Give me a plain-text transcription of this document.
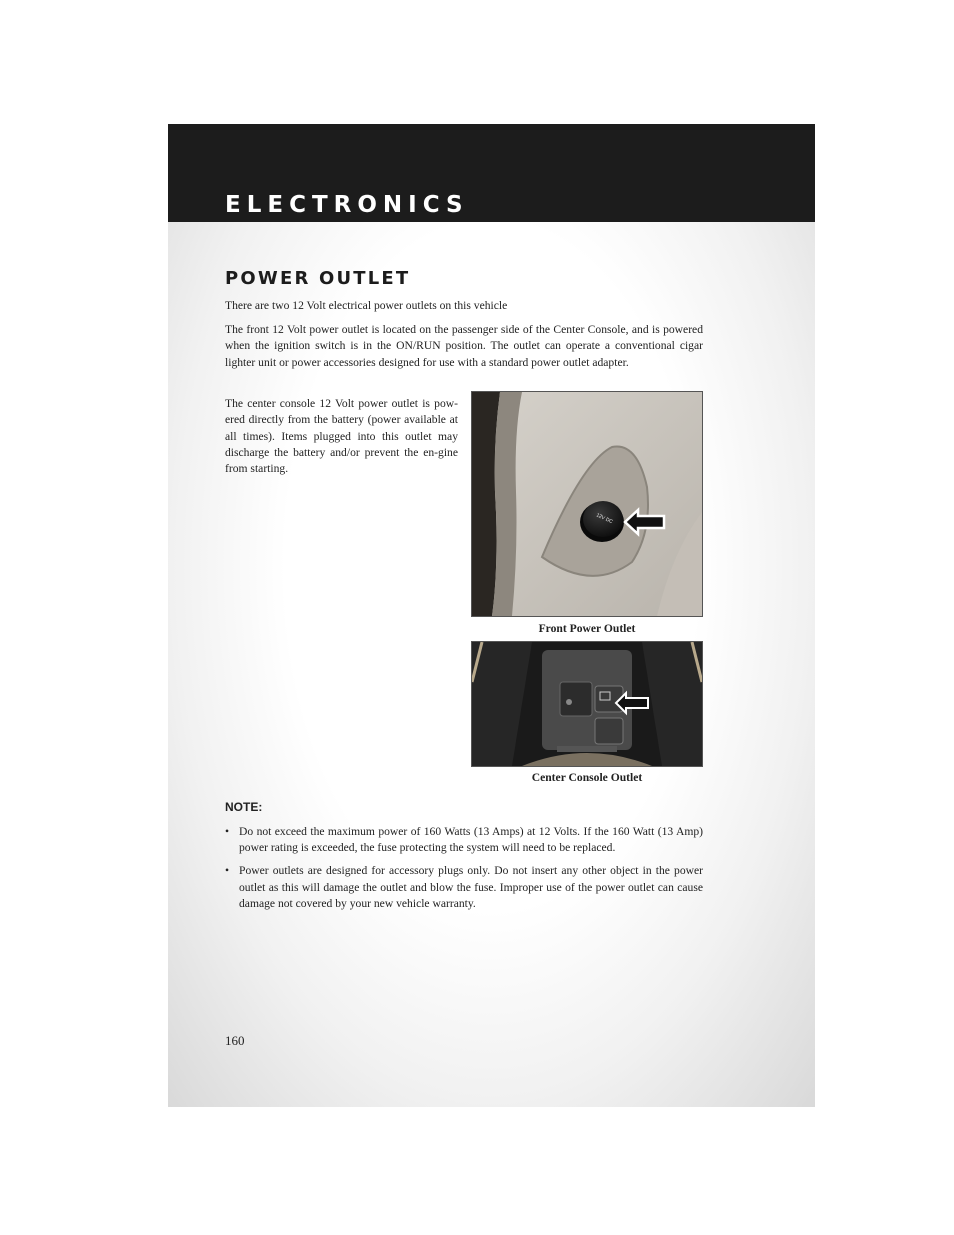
ELECTRONICS
POWER OUTLET

There are two 12 Volt electrical power outlets on this vehicle

The front 12 Volt power outlet is located on the passenger side of the Center Console, and is powered when the ignition switch is in the ON/RUN position. The outlet can operate a conventional cigar lighter unit or power accessories designed for use with a standard power outlet adapter.

The center console 12 Volt power outlet is pow-ered directly from the battery (power available at all times). Items plugged into this outlet may discharge the battery and/or prevent the en-gine from starting.

12V DC
Front Power Outlet
Center Console Outlet
NOTE:
• Do not exceed the maximum power of 160 Watts (13 Amps) at 12 Volts. If the 160 Watt (13 Amp) power rating is exceeded, the fuse protecting the system will need to be replaced.
• Power outlets are designed for accessory plugs only. Do not insert any other object in the power outlet as this will damage the outlet and blow the fuse. Improper use of the power outlet can cause damage not covered by your new vehicle warranty.
160
